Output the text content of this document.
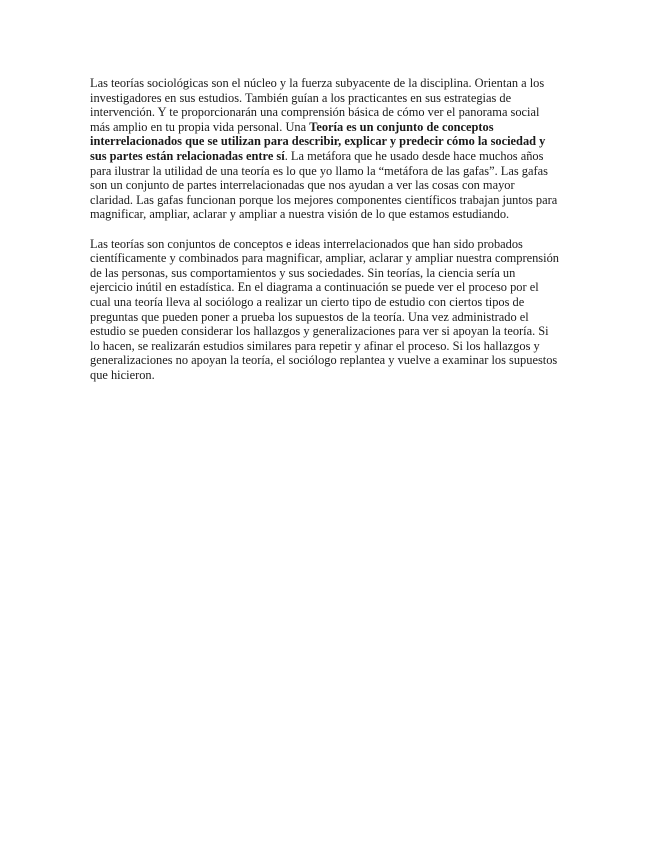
Las teorías sociológicas son el núcleo y la fuerza subyacente de la disciplina. Orientan a los investigadores en sus estudios. También guían a los practicantes en sus estrategias de intervención. Y te proporcionarán una comprensión básica de cómo ver el panorama social más amplio en tu propia vida personal. Una Teoría es un conjunto de conceptos interrelacionados que se utilizan para describir, explicar y predecir cómo la sociedad y sus partes están relacionadas entre sí. La metáfora que he usado desde hace muchos años para ilustrar la utilidad de una teoría es lo que yo llamo la “metáfora de las gafas”. Las gafas son un conjunto de partes interrelacionadas que nos ayudan a ver las cosas con mayor claridad. Las gafas funcionan porque los mejores componentes científicos trabajan juntos para magnificar, ampliar, aclarar y ampliar a nuestra visión de lo que estamos estudiando.

Las teorías son conjuntos de conceptos e ideas interrelacionados que han sido probados científicamente y combinados para magnificar, ampliar, aclarar y ampliar nuestra comprensión de las personas, sus comportamientos y sus sociedades. Sin teorías, la ciencia sería un ejercicio inútil en estadística. En el diagrama a continuación se puede ver el proceso por el cual una teoría lleva al sociólogo a realizar un cierto tipo de estudio con ciertos tipos de preguntas que pueden poner a prueba los supuestos de la teoría. Una vez administrado el estudio se pueden considerar los hallazgos y generalizaciones para ver si apoyan la teoría. Si lo hacen, se realizarán estudios similares para repetir y afinar el proceso. Si los hallazgos y generalizaciones no apoyan la teoría, el sociólogo replantea y vuelve a examinar los supuestos que hicieron.
